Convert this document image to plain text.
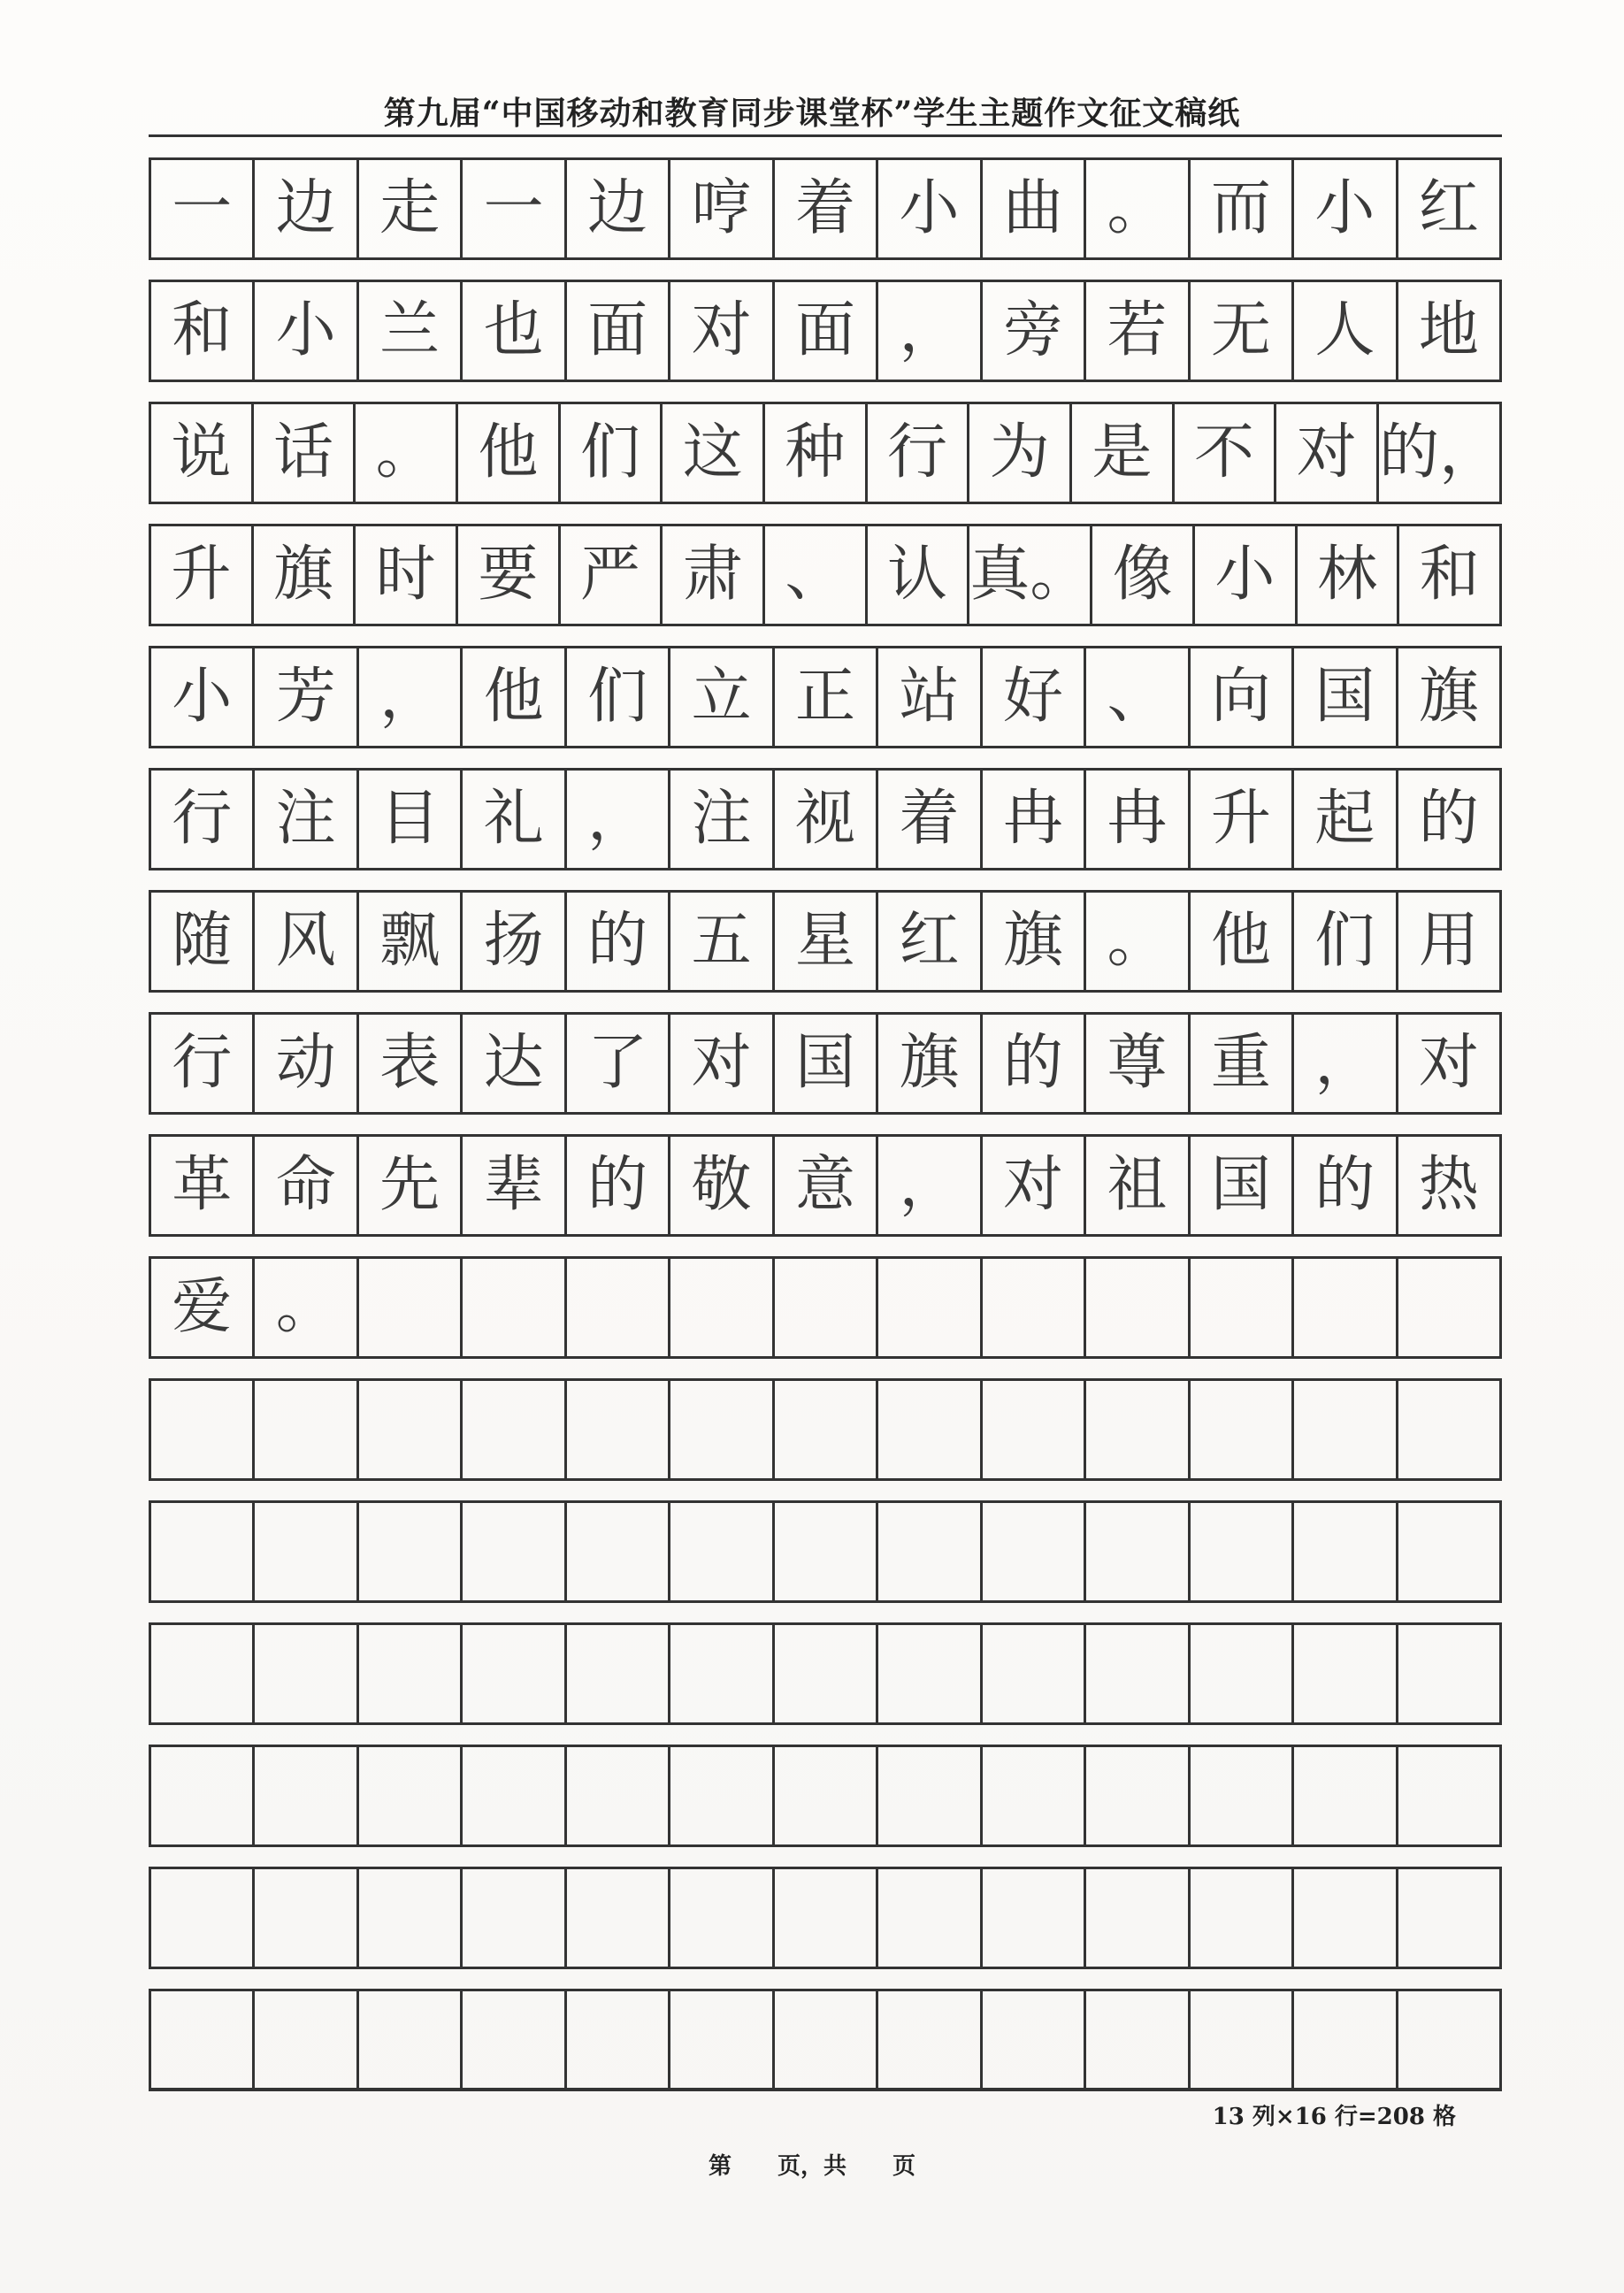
第九届“中国移动和教育同步课堂杯”学生主题作文征文稿纸
一 边 走 一 边 哼 着 小 曲 。 而 小 红
和 小 兰 也 面 对 面 ， 旁 若 无 人 地
说 话 。 他 们 这 种 行 为 是 不 对 的，
升 旗 时 要 严 肃 、 认 真。 像 小 林 和
小 芳 ， 他 们 立 正 站 好 、 向 国 旗
行 注 目 礼 ， 注 视 着 冉 冉 升 起 的
随 风 飘 扬 的 五 星 红 旗 。 他 们 用
行 动 表 达 了 对 国 旗 的 尊 重 ， 对
革 命 先 辈 的 敬 意 ， 对 祖 国 的 热
爱 。
13 列×16 行=208 格
第　　页，共　　页
